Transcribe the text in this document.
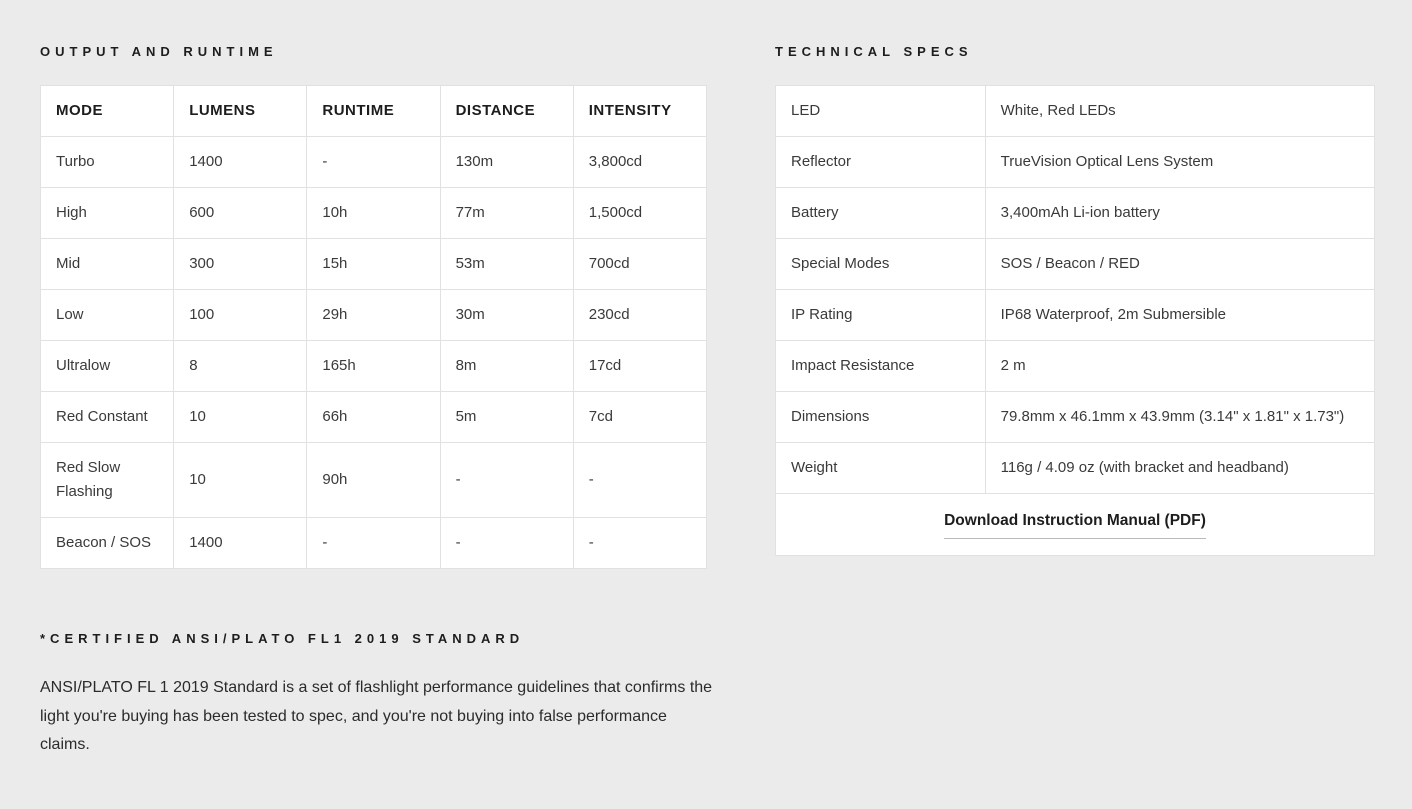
OUTPUT AND RUNTIME
MODE	LUMENS	RUNTIME	DISTANCE	INTENSITY
Turbo	1400	-	130m	3,800cd
High	600	10h	77m	1,500cd
Mid	300	15h	53m	700cd
Low	100	29h	30m	230cd
Ultralow	8	165h	8m	17cd
Red Constant	10	66h	5m	7cd
Red Slow Flashing	10	90h	-	-
Beacon / SOS	1400	-	-	-
TECHNICAL SPECS
LED	White, Red LEDs
Reflector	TrueVision Optical Lens System
Battery	3,400mAh Li-ion battery
Special Modes	SOS / Beacon / RED
IP Rating	IP68 Waterproof, 2m Submersible
Impact Resistance	2 m
Dimensions	79.8mm x 46.1mm x 43.9mm (3.14" x 1.81" x 1.73")
Weight	116g / 4.09 oz (with bracket and headband)
Download Instruction Manual (PDF)	
*CERTIFIED ANSI/PLATO FL1 2019 STANDARD

ANSI/PLATO FL 1 2019 Standard is a set of flashlight performance guidelines that confirms the light you're buying has been tested to spec, and you're not buying into false performance claims.
